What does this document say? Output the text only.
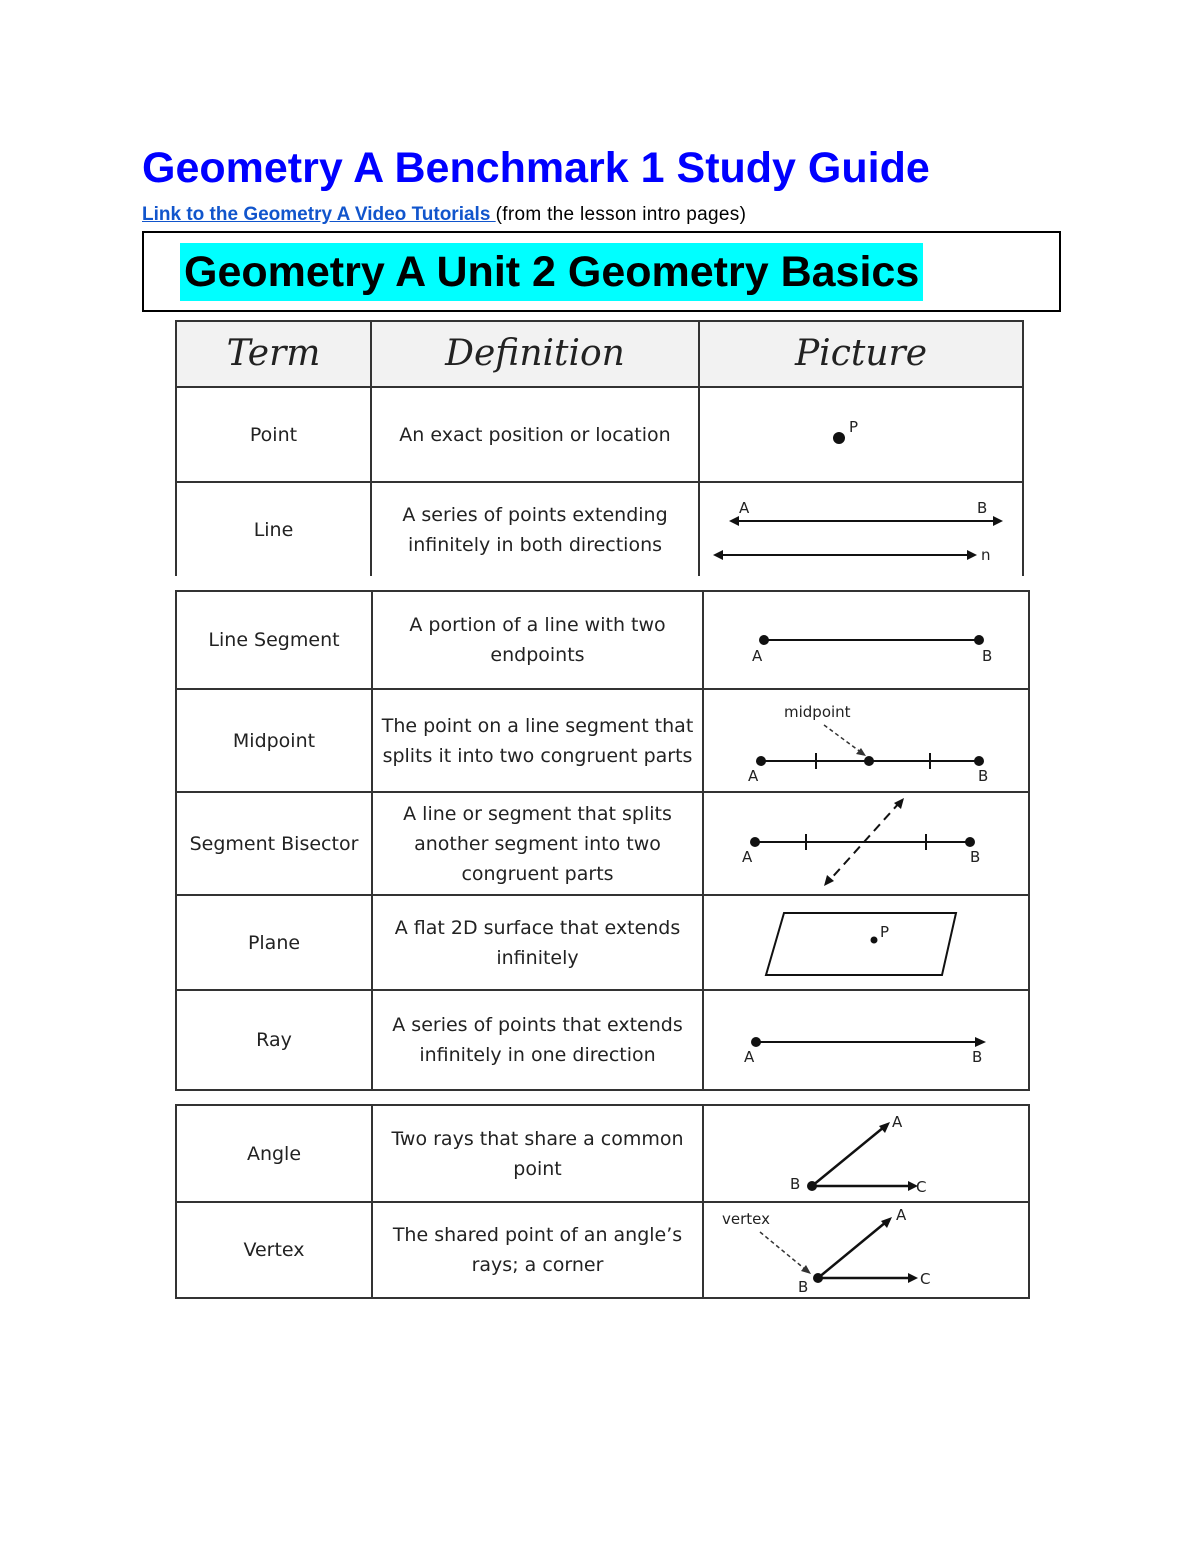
Geometry A Benchmark 1 Study Guide
Link to the Geometry A Video Tutorials (from the lesson intro pages)
Geometry A Unit 2 Geometry Basics
Term	Definition	Picture
Point	An exact position or location	P

Line	A series of points extending infinitely in both directions	A B
n
Line Segment	A portion of a line with two endpoints	A B

Midpoint	The point on a line segment that splits it into two congruent parts	midpoint
A B

Segment Bisector	A line or segment that splits another segment into two congruent parts	A B

Plane	A flat 2D surface that extends infinitely	P

Ray	A series of points that extends infinitely in one direction	A B
Angle	Two rays that share a common point	A
B C

Vertex	The shared point of an angle’s rays; a corner	vertex A
B C
